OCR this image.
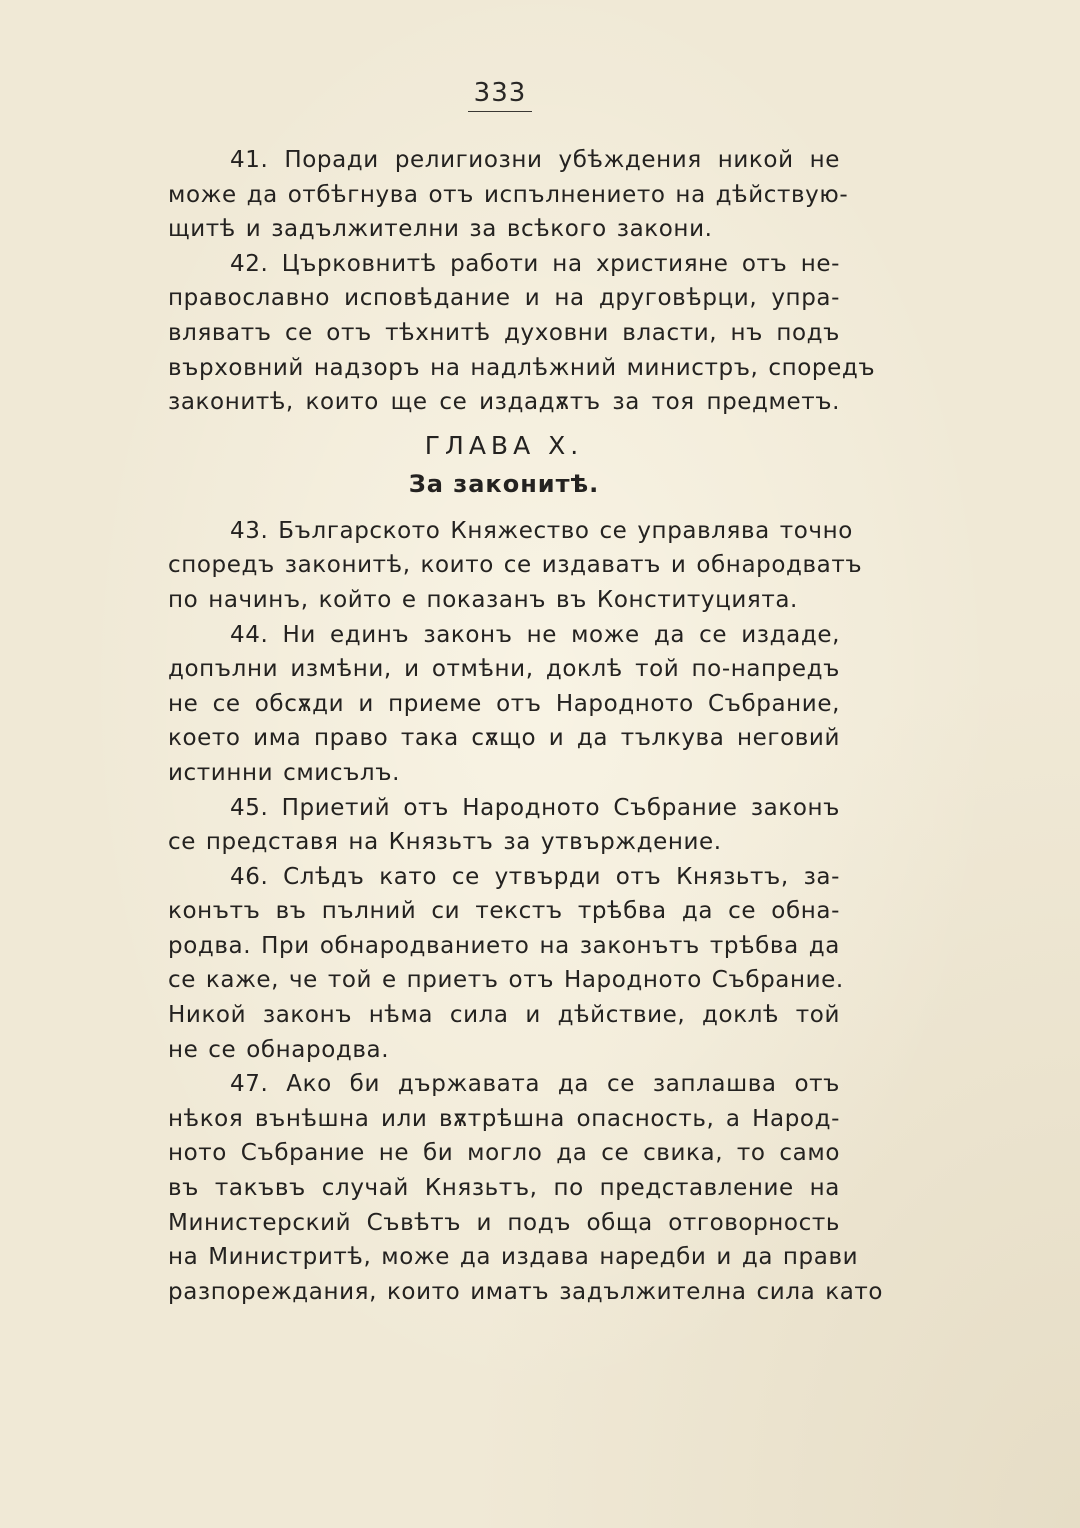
333
41. Поради религиозни убѣждения никой не
може да отбѣгнува отъ испълнението на дѣйствую-
щитѣ и задължителни за всѣкого закони.
42. Църковнитѣ работи на християне отъ не-
православно исповѣдание и на друговѣрци, упра-
вляватъ се отъ тѣхнитѣ духовни власти, нъ подъ
върховний надзоръ на надлѣжний министръ, споредъ
законитѣ, които ще се издадѫтъ за тоя предметъ.
ГЛАВА X.
За законитѣ.
43. Българското Княжество се управлява точно
споредъ законитѣ, които се издаватъ и обнародватъ
по начинъ, който е показанъ въ Конституцията.
44. Ни единъ законъ не може да се издаде,
допълни измѣни, и отмѣни, доклѣ той по-напредъ
не се обсѫди и приеме отъ Народното Събрание,
което има право така сѫщо и да тълкува неговий
истинни смисълъ.
45. Приетий отъ Народното Събрание законъ
се представя на Князьтъ за утвърждение.
46. Слѣдъ като се утвърди отъ Князьтъ, за-
конътъ въ пълний си текстъ трѣбва да се обна-
родва. При обнародванието на законътъ трѣбва да
се каже, че той е приетъ отъ Народното Събрание.
Никой законъ нѣма сила и дѣйствие, доклѣ той
не се обнародва.
47. Ако би държавата да се заплашва отъ
нѣкоя вънѣшна или вѫтрѣшна опасность, а Народ-
ното Събрание не би могло да се свика, то само
въ такъвъ случай Князьтъ, по представление на
Министерский Съвѣтъ и подъ обща отговорность
на Министритѣ, може да издава наредби и да прави
разпореждания, които иматъ задължителна сила като
